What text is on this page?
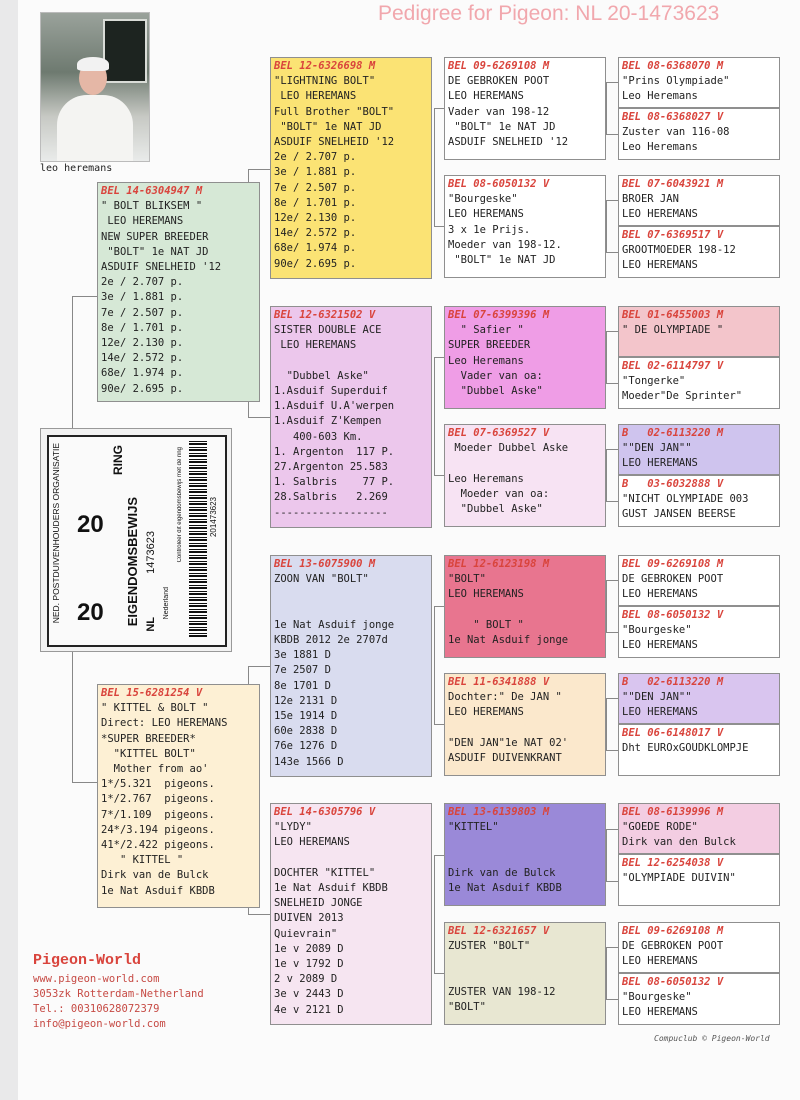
Pedigree for Pigeon: NL 20-1473623
leo heremans
BEL 14-6304947 M
" BOLT BLIKSEM "
LEO HEREMANS
NEW SUPER BREEDER
"BOLT" 1e NAT JD
ASDUIF SNELHEID '12
2e / 2.707 p.
3e / 1.881 p.
7e / 2.507 p.
8e / 1.701 p.
12e/ 2.130 p.
14e/ 2.572 p.
68e/ 1.974 p.
90e/ 2.695 p.
BEL 15-6281254 V
" KITTEL & BOLT "
Direct: LEO HEREMANS
*SUPER BREEDER*
"KITTEL BOLT"
Mother from ao'
1*/5.321  pigeons.
1*/2.767  pigeons.
7*/1.109  pigeons.
24*/3.194 pigeons.
41*/2.422 pigeons.
" KITTEL "
Dirk van de Bulck
1e Nat Asduif KBDB
BEL 12-6326698 M
"LIGHTNING BOLT"
LEO HEREMANS
Full Brother "BOLT"
"BOLT" 1e NAT JD
ASDUIF SNELHEID '12
2e / 2.707 p.
3e / 1.881 p.
7e / 2.507 p.
8e / 1.701 p.
12e/ 2.130 p.
14e/ 2.572 p.
68e/ 1.974 p.
90e/ 2.695 p.
BEL 12-6321502 V
SISTER DOUBLE ACE
LEO HEREMANS

"Dubbel Aske"
1.Asduif Superduif
1.Asduif U.A'werpen
1.Asduif Z'Kempen
400-603 Km.
1. Argenton  117 P.
27.Argenton 25.583
1. Salbris    77 P.
28.Salbris   2.269
------------------
BEL 13-6075900 M
ZOON VAN "BOLT"

1e Nat Asduif jonge
KBDB 2012 2e 2707d
3e 1881 D
7e 2507 D
8e 1701 D
12e 2131 D
15e 1914 D
60e 2838 D
76e 1276 D
143e 1566 D
BEL 14-6305796 V
"LYDY"
LEO HEREMANS

DOCHTER "KITTEL"
1e Nat Asduif KBDB
SNELHEID JONGE
DUIVEN 2013
Quievrain"
1e v 2089 D
1e v 1792 D
2 v 2089 D
3e v 2443 D
4e v 2121 D
BEL 09-6269108 M
DE GEBROKEN POOT
LEO HEREMANS
Vader van 198-12
"BOLT" 1e NAT JD
ASDUIF SNELHEID '12
BEL 08-6050132 V
"Bourgeske"
LEO HEREMANS
3 x 1e Prijs.
Moeder van 198-12.
"BOLT" 1e NAT JD
BEL 07-6399396 M
" Safier "
SUPER BREEDER
Leo Heremans
Vader van oa:
"Dubbel Aske"
BEL 07-6369527 V
Moeder Dubbel Aske

Leo Heremans
Moeder van oa:
"Dubbel Aske"
BEL 12-6123198 M
"BOLT"
LEO HEREMANS

" BOLT "
1e Nat Asduif jonge
BEL 11-6341888 V
Dochter:" De JAN "
LEO HEREMANS

"DEN JAN"1e NAT 02'
ASDUIF DUIVENKRANT
BEL 13-6139803 M
"KITTEL"

Dirk van de Bulck
1e Nat Asduif KBDB
BEL 12-6321657 V
ZUSTER "BOLT"

ZUSTER VAN 198-12
"BOLT"
BEL 08-6368070 M
"Prins Olympiade"
Leo Heremans
BEL 08-6368027 V
Zuster van 116-08
Leo Heremans
BEL 07-6043921 M
BROER JAN
LEO HEREMANS
BEL 07-6369517 V
GROOTMOEDER 198-12
LEO HEREMANS
BEL 01-6455003 M
" DE OLYMPIADE "
BEL 02-6114797 V
"Tongerke"
Moeder"De Sprinter"
B   02-6113220 M
""DEN JAN""
LEO HEREMANS
B   03-6032888 V
"NICHT OLYMPIADE 003
GUST JANSEN BEERSE
BEL 09-6269108 M
DE GEBROKEN POOT
LEO HEREMANS
BEL 08-6050132 V
"Bourgeske"
LEO HEREMANS
B   02-6113220 M
""DEN JAN""
LEO HEREMANS
BEL 06-6148017 V
Dht EUROxGOUDKLOMPJE
BEL 08-6139996 M
"GOEDE RODE"
Dirk van den Bulck
BEL 12-6254038 V
"OLYMPIADE DUIVIN"
BEL 09-6269108 M
DE GEBROKEN POOT
LEO HEREMANS
BEL 08-6050132 V
"Bourgeske"
LEO HEREMANS
NED. POSTDUIVENHOUDERS ORGANISATIE 20
20
RING
EIGENDOMSBEWIJS NL
1473623
Nederland
Controleer dit eigendomsbewijs met de ring	201473623
Pigeon-World
www.pigeon-world.com
3053zk Rotterdam-Netherland
Tel.: 00310628072379
info@pigeon-world.com
Compuclub © Pigeon-World
